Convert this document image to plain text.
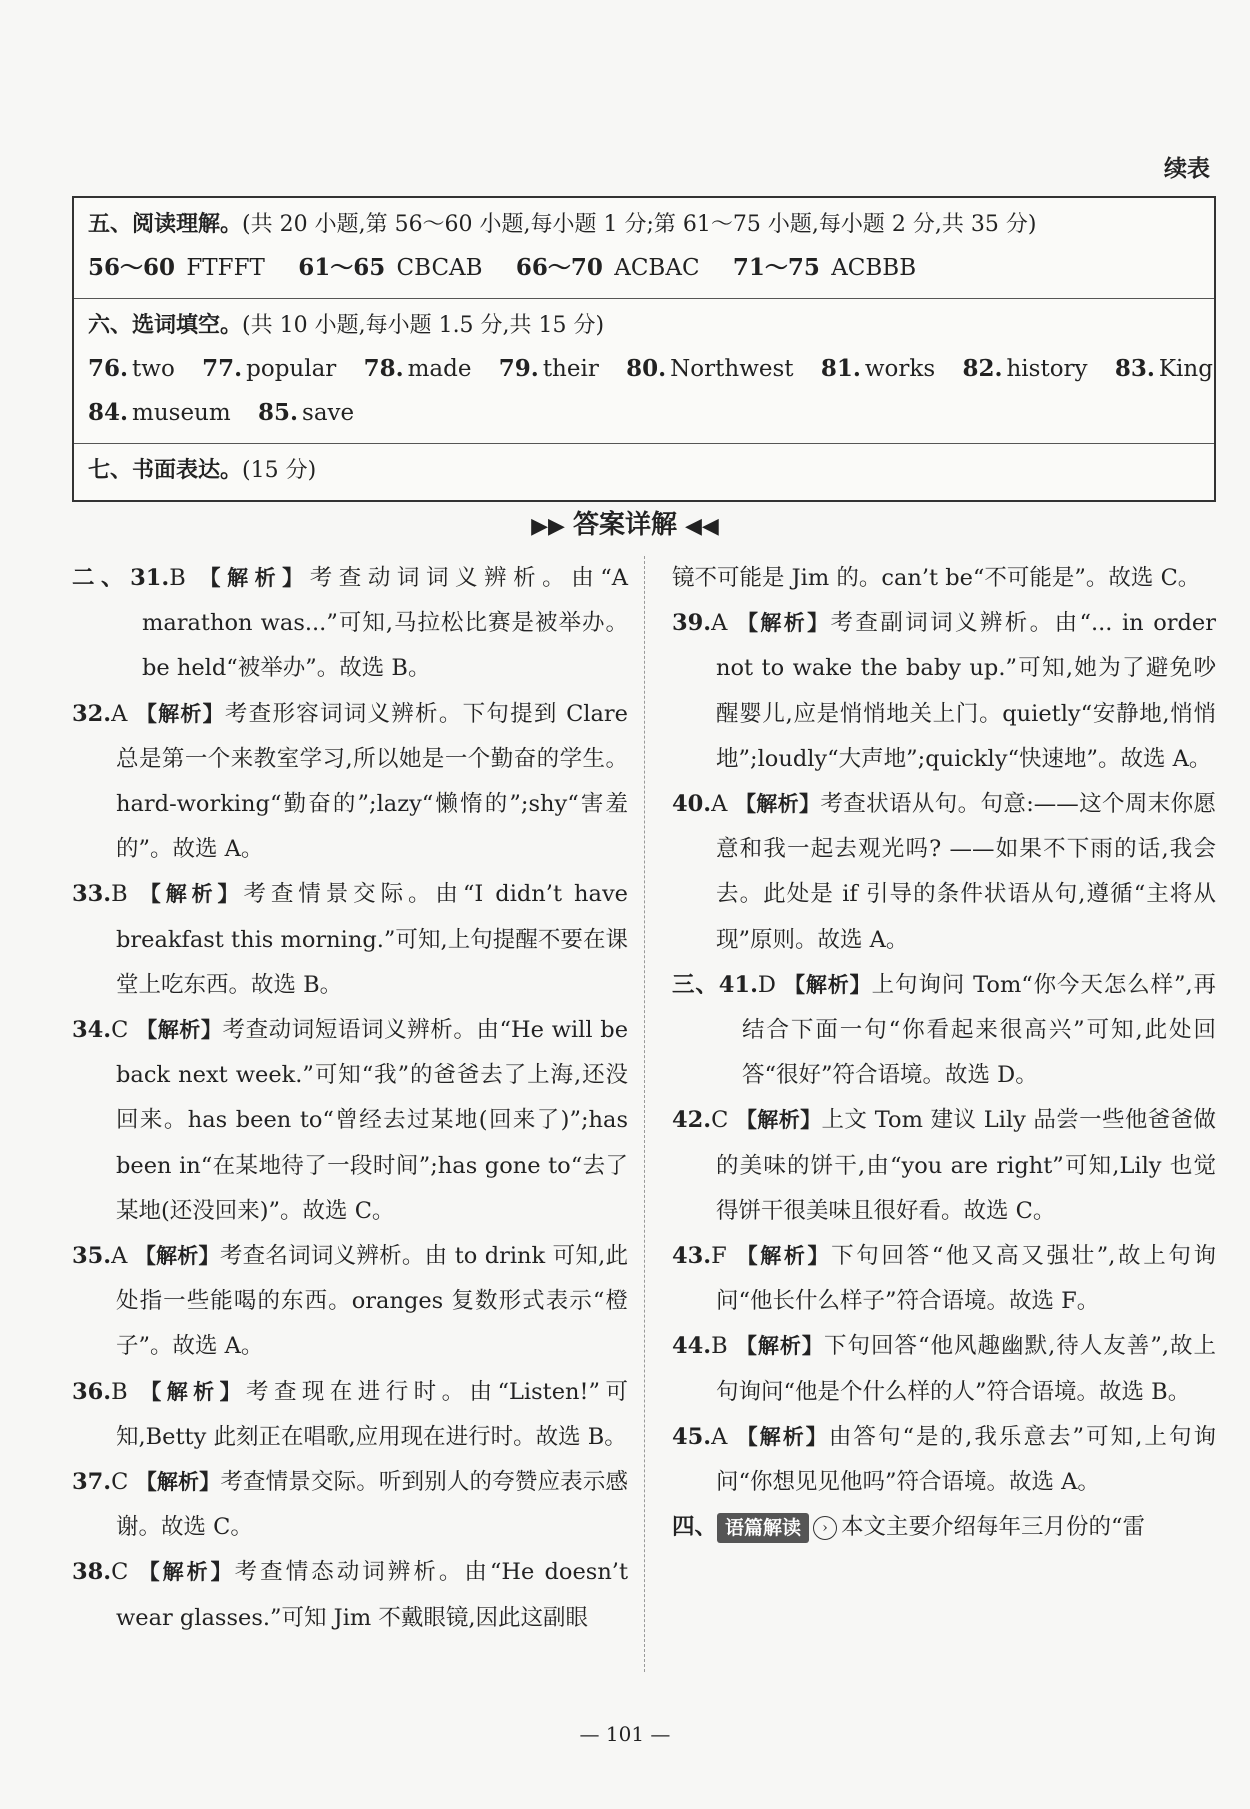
续表
五、阅读理解。(共 20 小题,第 56～60 小题,每小题 1 分;第 61～75 小题,每小题 2 分,共 35 分)
56～60 FTFFT 61～65 CBCAB 66～70 ACBAC 71～75 ACBBB
六、选词填空。(共 10 小题,每小题 1.5 分,共 15 分)
76. two 77. popular 78. made 79. their 80. Northwest 81. works 82. history 83. King
84. museum 85. save
七、书面表达。(15 分)
▶▶ 答案详解 ◀◀

二、31.B 【解析】考查动词词义辨析。由“A marathon was...”可知,马拉松比赛是被举办。be held“被举办”。故选 B。

32.A 【解析】考查形容词词义辨析。下句提到 Clare 总是第一个来教室学习,所以她是一个勤奋的学生。hard-working“勤奋的”;lazy“懒惰的”;shy“害羞的”。故选 A。

33.B 【解析】考查情景交际。由“I didn’t have breakfast this morning.”可知,上句提醒不要在课堂上吃东西。故选 B。

34.C 【解析】考查动词短语词义辨析。由“He will be back next week.”可知“我”的爸爸去了上海,还没回来。has been to“曾经去过某地(回来了)”;has been in“在某地待了一段时间”;has gone to“去了某地(还没回来)”。故选 C。

35.A 【解析】考查名词词义辨析。由 to drink 可知,此处指一些能喝的东西。oranges 复数形式表示“橙子”。故选 A。

36.B 【解析】考查现在进行时。由“Listen!”可知,Betty 此刻正在唱歌,应用现在进行时。故选 B。

37.C 【解析】考查情景交际。听到别人的夸赞应表示感谢。故选 C。

38.C 【解析】考查情态动词辨析。由“He doesn’t wear glasses.”可知 Jim 不戴眼镜,因此这副眼

镜不可能是 Jim 的。can’t be“不可能是”。故选 C。

39.A 【解析】考查副词词义辨析。由“... in order not to wake the baby up.”可知,她为了避免吵醒婴儿,应是悄悄地关上门。quietly“安静地,悄悄地”;loudly“大声地”;quickly“快速地”。故选 A。

40.A 【解析】考查状语从句。句意:——这个周末你愿意和我一起去观光吗? ——如果不下雨的话,我会去。此处是 if 引导的条件状语从句,遵循“主将从现”原则。故选 A。

三、41.D 【解析】上句询问 Tom“你今天怎么样”,再结合下面一句“你看起来很高兴”可知,此处回答“很好”符合语境。故选 D。

42.C 【解析】上文 Tom 建议 Lily 品尝一些他爸爸做的美味的饼干,由“you are right”可知,Lily 也觉得饼干很美味且很好看。故选 C。

43.F 【解析】下句回答“他又高又强壮”,故上句询问“他长什么样子”符合语境。故选 F。

44.B 【解析】下句回答“他风趣幽默,待人友善”,故上句询问“他是个什么样的人”符合语境。故选 B。

45.A 【解析】由答句“是的,我乐意去”可知,上句询问“你想见见他吗”符合语境。故选 A。

四、 语篇解读 › 本文主要介绍每年三月份的“雷

— 101 —
